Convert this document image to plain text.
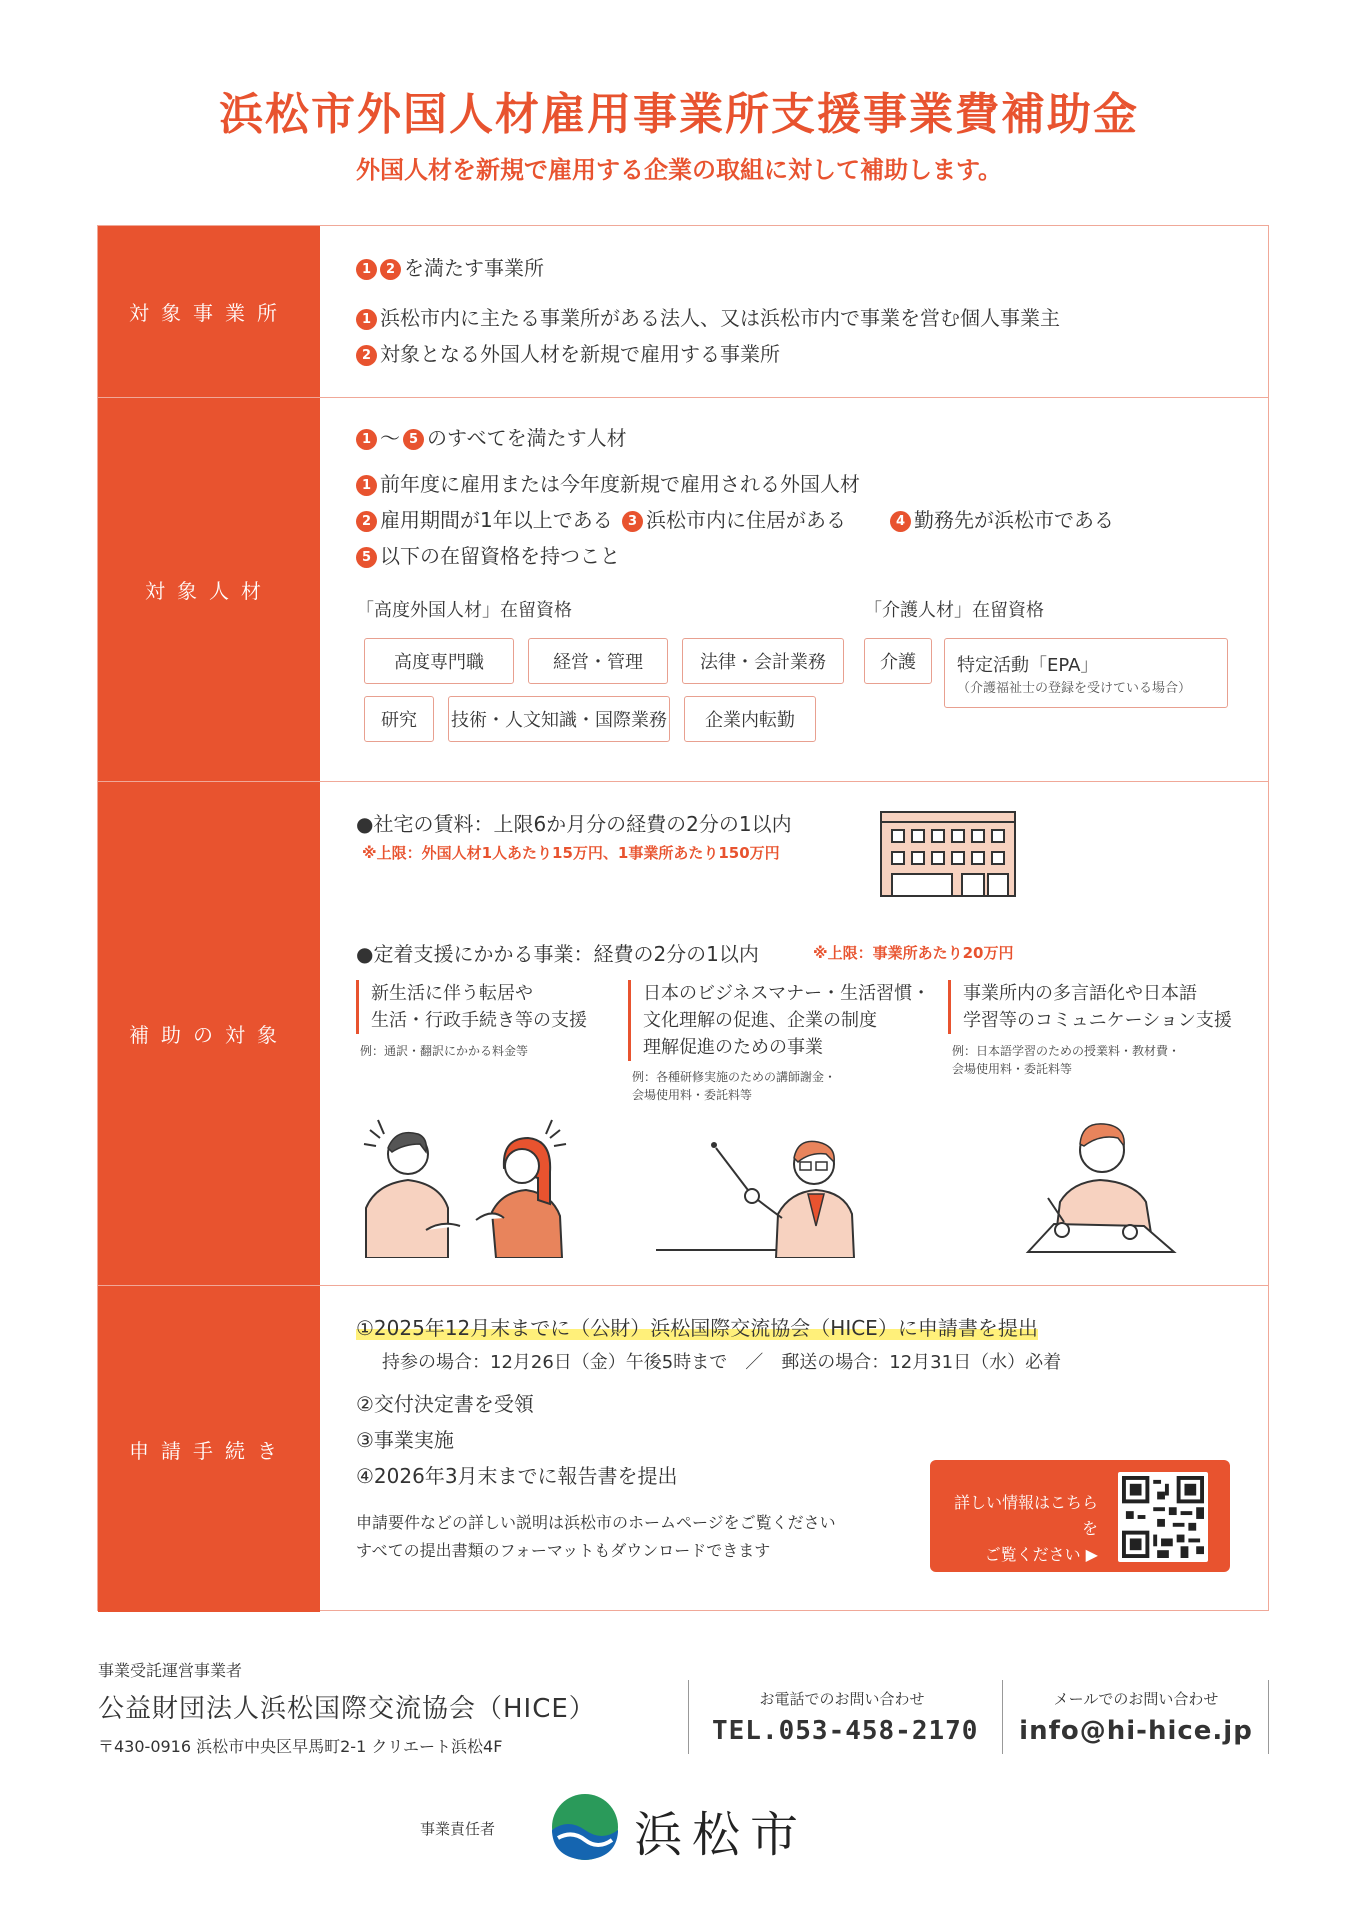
浜松市外国人材雇用事業所支援事業費補助金
外国人材を新規で雇用する企業の取組に対して補助します。
対象事業所
1 2 を満たす事業所
1 浜松市内に主たる事業所がある法人、又は浜松市内で事業を営む個人事業主
2 対象となる外国人材を新規で雇用する事業所
対象人材
1 ～ 5 のすべてを満たす人材
1 前年度に雇用または今年度新規で雇用される外国人材
2 雇用期間が1年以上である	3 浜松市内に住居がある	4 勤務先が浜松市である
5 以下の在留資格を持つこと
「高度外国人材」在留資格
高度専門職	経営・管理	法律・会計業務
研究	技術・人文知識・国際業務	企業内転勤
「介護人材」在留資格
介護	特定活動「EPA」
（介護福祉士の登録を受けている場合）
補助の対象
●社宅の賃料：上限6か月分の経費の2分の1以内
※上限：外国人材1人あたり15万円、1事業所あたり150万円
●定着支援にかかる事業：経費の2分の1以内	※上限：事業所あたり20万円
新生活に伴う転居や
生活・行政手続き等の支援
例：通訳・翻訳にかかる料金等
日本のビジネスマナー・生活習慣・
文化理解の促進、企業の制度
理解促進のための事業
例：各種研修実施のための講師謝金・
会場使用料・委託料等
事業所内の多言語化や日本語
学習等のコミュニケーション支援
例：日本語学習のための授業料・教材費・
会場使用料・委託料等
申請手続き
①2025年12月末までに（公財）浜松国際交流協会（HICE）に申請書を提出
持参の場合：12月26日（金）午後5時まで　／　郵送の場合：12月31日（水）必着
②交付決定書を受領
③事業実施
④2026年3月末までに報告書を提出
申請要件などの詳しい説明は浜松市のホームページをご覧ください
すべての提出書類のフォーマットもダウンロードできます
詳しい情報はこちらを
ご覧ください ▶
事業受託運営事業者
公益財団法人浜松国際交流協会（HICE）
〒430-0916 浜松市中央区早馬町2-1 クリエート浜松4F
お電話でのお問い合わせ
TEL.053-458-2170
メールでのお問い合わせ
info@hi-hice.jp
事業責任者	浜松市
